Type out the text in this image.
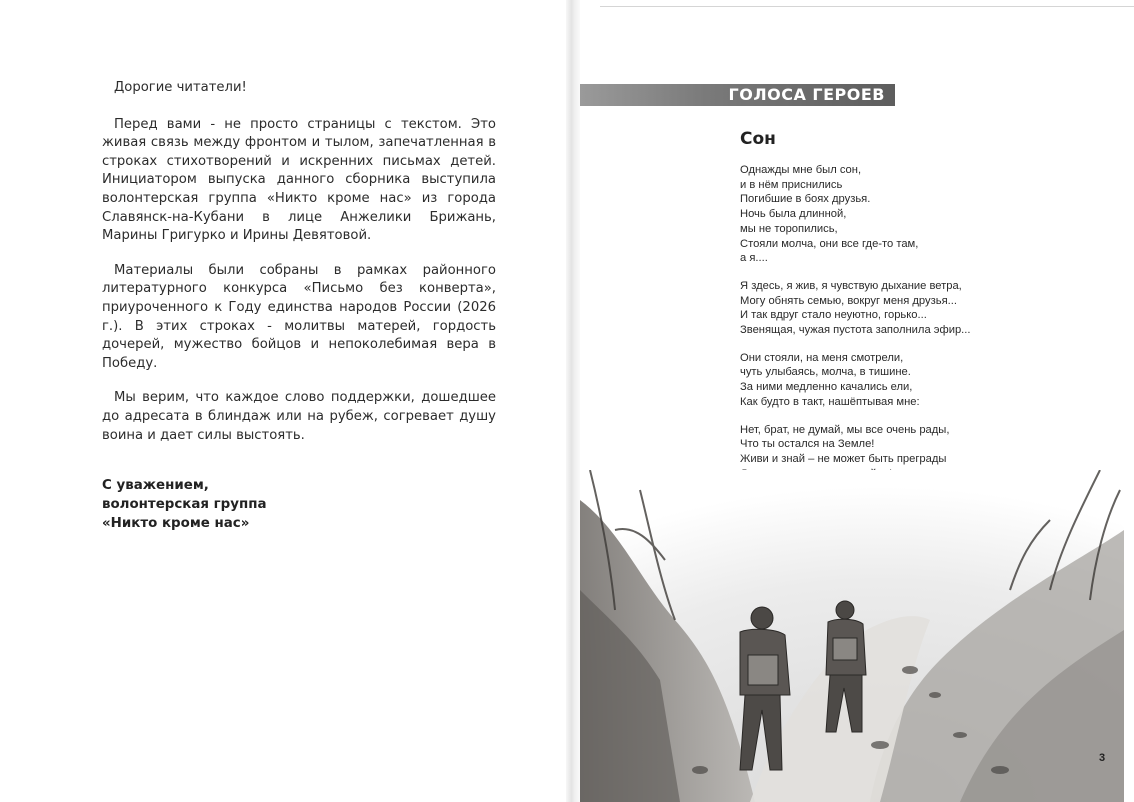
Дорогие читатели!

Перед вами - не просто страницы с текстом. Это живая связь между фронтом и тылом, запечатленная в строках стихотворений и искренних письмах детей. Инициатором выпуска данного сборника выступила волонтерская группа «Никто кроме нас» из города Славянск-на-Кубани в лице Анжелики Брижань, Марины Григурко и Ирины Девятовой.

Материалы были собраны в рамках районного литературного конкурса «Письмо без конверта», приуроченного к Году единства народов России (2026 г.). В этих строках - молитвы матерей, гордость дочерей, мужество бойцов и непоколебимая вера в Победу.

Мы верим, что каждое слово поддержки, дошедшее до адресата в блиндаж или на рубеж, согревает душу воина и дает силы выстоять.

С уважением,
волонтерская группа
«Никто кроме нас»
ГОЛОСА ГЕРОЕВ
Сон
Однажды мне был сон,
и в нём приснились
Погибшие в боях друзья.
Ночь была длинной,
мы не торопились,
Стояли молча, они все где-то там,
а я....
Я здесь, я жив, я чувствую дыхание ветра,
Могу обнять семью, вокруг меня друзья...
И так вдруг стало неуютно, горько...
Звенящая, чужая пустота заполнила эфир...
Они стояли, на меня смотрели,
чуть улыбаясь, молча, в тишине.
За ними медленно качались ели,
Как будто в такт, нашёптывая мне:
Нет, брат, не думай, мы все очень рады,
Что ты остался на Земле!
Живи и знай – не может быть преграды
3
